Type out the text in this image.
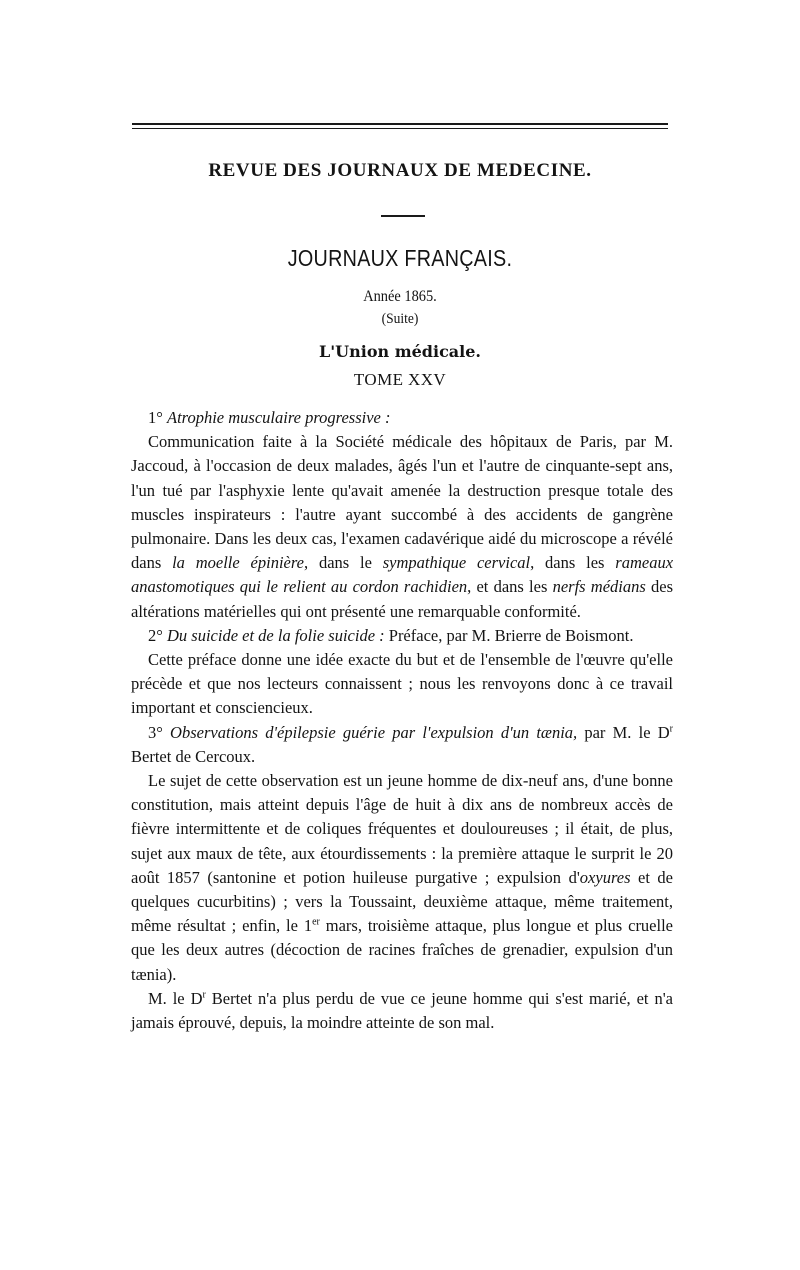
REVUE DES JOURNAUX DE MEDECINE.
JOURNAUX FRANÇAIS.
Année 1865.
(Suite)
L'Union médicale.
TOME XXV

1° Atrophie musculaire progressive :

Communication faite à la Société médicale des hôpitaux de Paris, par M. Jaccoud, à l'occasion de deux malades, âgés l'un et l'autre de cinquante-sept ans, l'un tué par l'asphyxie lente qu'avait amenée la destruction presque totale des muscles inspirateurs : l'autre ayant succombé à des accidents de gangrène pulmonaire. Dans les deux cas, l'examen cadavérique aidé du microscope a révélé dans la moelle épinière, dans le sympathique cervical, dans les rameaux anastomotiques qui le relient au cordon rachidien, et dans les nerfs médians des altérations matérielles qui ont présenté une remarquable conformité.

2° Du suicide et de la folie suicide : Préface, par M. Brierre de Boismont.

Cette préface donne une idée exacte du but et de l'ensemble de l'œuvre qu'elle précède et que nos lecteurs connaissent ; nous les renvoyons donc à ce travail important et consciencieux.

3° Observations d'épilepsie guérie par l'expulsion d'un tænia, par M. le $D^r$ Bertet de Cercoux.

Le sujet de cette observation est un jeune homme de dix-neuf ans, d'une bonne constitution, mais atteint depuis l'âge de huit à dix ans de nombreux accès de fièvre intermittente et de coliques fréquentes et douloureuses ; il était, de plus, sujet aux maux de tête, aux étourdissements : la première attaque le surprit le 20 août 1857 (santonine et potion huileuse purgative ; expulsion d'oxyures et de quelques cucurbitins) ; vers la Toussaint, deuxième attaque, même traitement, même résultat ; enfin, le 1er mars, troisième attaque, plus longue et plus cruelle que les deux autres (décoction de racines fraîches de grenadier, expulsion d'un tænia).

M. le $D^r$ Bertet n'a plus perdu de vue ce jeune homme qui s'est marié, et n'a jamais éprouvé, depuis, la moindre atteinte de son mal.
